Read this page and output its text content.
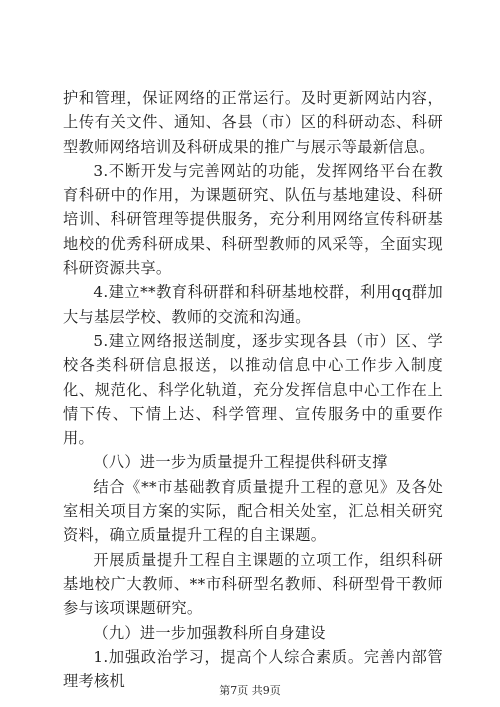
护和管理，保证网络的正常运行。及时更新网站内容，上传有关文件、通知、各县（市）区的科研动态、科研型教师网络培训及科研成果的推广与展示等最新信息。

3.不断开发与完善网站的功能，发挥网络平台在教育科研中的作用，为课题研究、队伍与基地建设、科研培训、科研管理等提供服务，充分利用网络宣传科研基地校的优秀科研成果、科研型教师的风采等，全面实现科研资源共享。

4.建立**教育科研群和科研基地校群，利用qq群加大与基层学校、教师的交流和沟通。

5.建立网络报送制度，逐步实现各县（市）区、学校各类科研信息报送，以推动信息中心工作步入制度化、规范化、科学化轨道，充分发挥信息中心工作在上情下传、下情上达、科学管理、宣传服务中的重要作用。

（八）进一步为质量提升工程提供科研支撑

结合《**市基础教育质量提升工程的意见》及各处室相关项目方案的实际，配合相关处室，汇总相关研究资料，确立质量提升工程的自主课题。

开展质量提升工程自主课题的立项工作，组织科研基地校广大教师、**市科研型名教师、科研型骨干教师参与该项课题研究。

（九）进一步加强教科所自身建设

1.加强政治学习，提高个人综合素质。完善内部管理考核机

第7页 共9页
